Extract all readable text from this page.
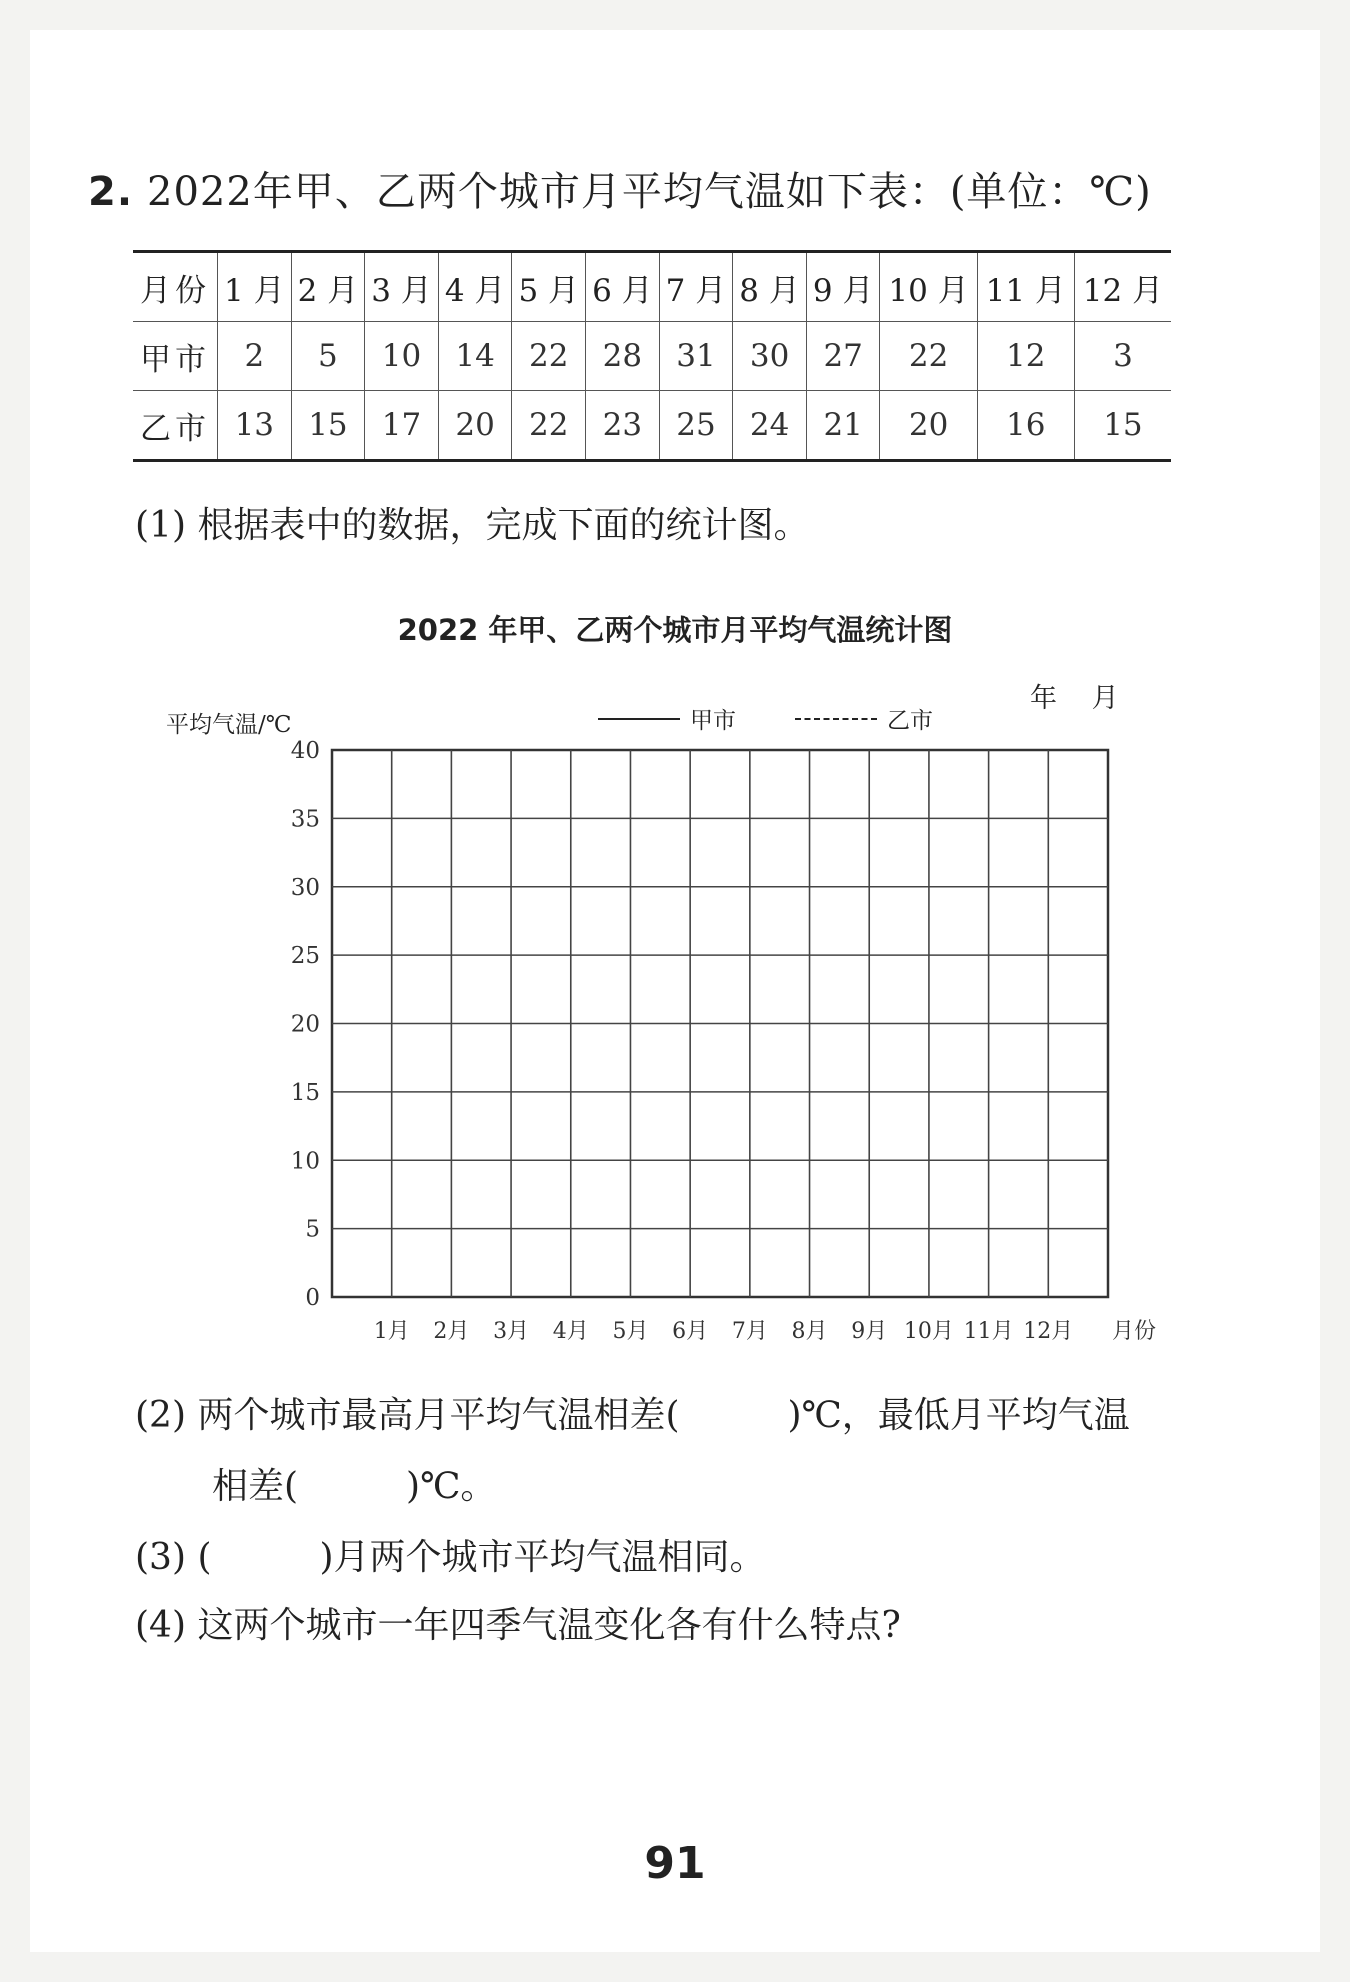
2. 2022年甲、乙两个城市月平均气温如下表：(单位：℃)
月份	1 月	2 月	3 月	4 月	5 月	6 月	7 月	8 月	9 月	10 月	11 月	12 月
甲市	2	5	10	14	22	28	31	30	27	22	12	3
乙市	13	15	17	20	22	23	25	24	21	20	16	15
(1) 根据表中的数据，完成下面的统计图。
2022 年甲、乙两个城市月平均气温统计图
年 月
平均气温/℃	甲市	乙市
0
5
10
15
20
25
30
35
40
1月 2月 3月 4月 5月 6月 7月 8月 9月 10月 11月 12月 月份
(2) 两个城市最高月平均气温相差(　　　)℃，最低月平均气温
相差(　　　)℃。
(3) (　　　)月两个城市平均气温相同。
(4) 这两个城市一年四季气温变化各有什么特点?
91
